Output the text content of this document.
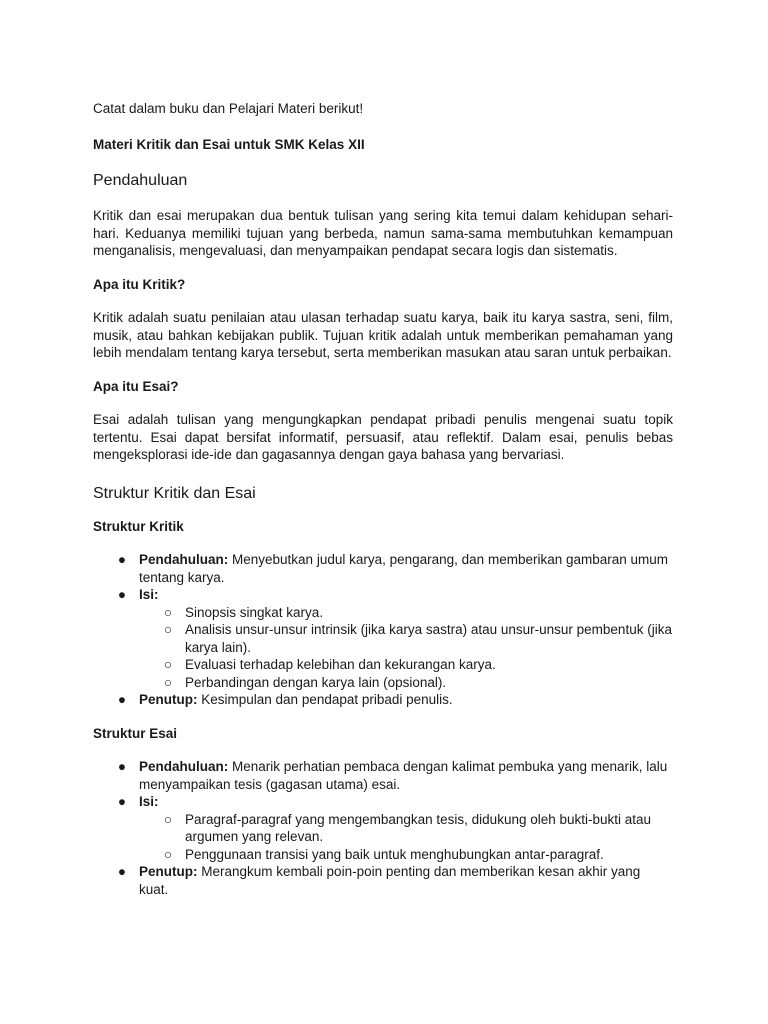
Catat dalam buku dan Pelajari Materi berikut!

Materi Kritik dan Esai untuk SMK Kelas XII

Pendahuluan

Kritik dan esai merupakan dua bentuk tulisan yang sering kita temui dalam kehidupan sehari-hari. Keduanya memiliki tujuan yang berbeda, namun sama-sama membutuhkan kemampuan menganalisis, mengevaluasi, dan menyampaikan pendapat secara logis dan sistematis.

Apa itu Kritik?

Kritik adalah suatu penilaian atau ulasan terhadap suatu karya, baik itu karya sastra, seni, film, musik, atau bahkan kebijakan publik. Tujuan kritik adalah untuk memberikan pemahaman yang lebih mendalam tentang karya tersebut, serta memberikan masukan atau saran untuk perbaikan.

Apa itu Esai?

Esai adalah tulisan yang mengungkapkan pendapat pribadi penulis mengenai suatu topik tertentu. Esai dapat bersifat informatif, persuasif, atau reflektif. Dalam esai, penulis bebas mengeksplorasi ide-ide dan gagasannya dengan gaya bahasa yang bervariasi.

Struktur Kritik dan Esai
Struktur Kritik
● Pendahuluan: Menyebutkan judul karya, pengarang, dan memberikan gambaran umum tentang karya.
● Isi:
○ Sinopsis singkat karya.
○ Analisis unsur-unsur intrinsik (jika karya sastra) atau unsur-unsur pembentuk (jika karya lain).
○ Evaluasi terhadap kelebihan dan kekurangan karya.
○ Perbandingan dengan karya lain (opsional).
● Penutup: Kesimpulan dan pendapat pribadi penulis.
Struktur Esai
● Pendahuluan: Menarik perhatian pembaca dengan kalimat pembuka yang menarik, lalu menyampaikan tesis (gagasan utama) esai.
● Isi:
○ Paragraf-paragraf yang mengembangkan tesis, didukung oleh bukti-bukti atau argumen yang relevan.
○ Penggunaan transisi yang baik untuk menghubungkan antar-paragraf.
● Penutup: Merangkum kembali poin-poin penting dan memberikan kesan akhir yang kuat.
